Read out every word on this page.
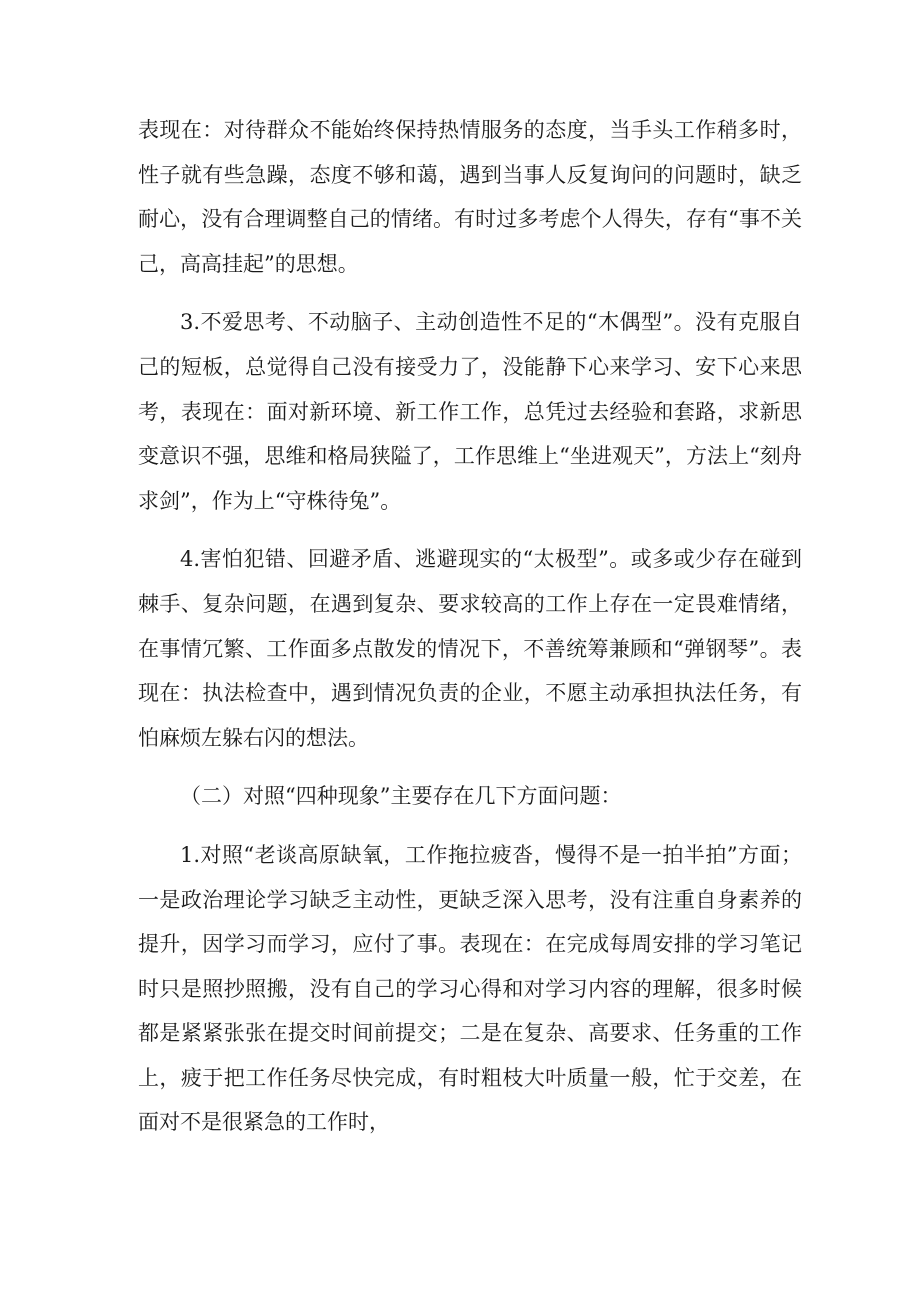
表现在：对待群众不能始终保持热情服务的态度，当手头工作稍多时，性子就有些急躁，态度不够和蔼，遇到当事人反复询问的问题时，缺乏耐心，没有合理调整自己的情绪。有时过多考虑个人得失，存有“事不关己，高高挂起”的思想。

3.不爱思考、不动脑子、主动创造性不足的“木偶型”。没有克服自己的短板，总觉得自己没有接受力了，没能静下心来学习、安下心来思考，表现在：面对新环境、新工作工作，总凭过去经验和套路，求新思变意识不强，思维和格局狭隘了，工作思维上“坐进观天”，方法上“刻舟求剑”，作为上“守株待兔”。

4.害怕犯错、回避矛盾、逃避现实的“太极型”。或多或少存在碰到棘手、复杂问题，在遇到复杂、要求较高的工作上存在一定畏难情绪，在事情冗繁、工作面多点散发的情况下，不善统筹兼顾和“弹钢琴”。表现在：执法检查中，遇到情况负责的企业，不愿主动承担执法任务，有怕麻烦左躲右闪的想法。

（二）对照“四种现象”主要存在几下方面问题：

1.对照“老谈高原缺氧，工作拖拉疲沓，慢得不是一拍半拍”方面；一是政治理论学习缺乏主动性，更缺乏深入思考，没有注重自身素养的提升，因学习而学习，应付了事。表现在：在完成每周安排的学习笔记时只是照抄照搬，没有自己的学习心得和对学习内容的理解，很多时候都是紧紧张张在提交时间前提交；二是在复杂、高要求、任务重的工作上，疲于把工作任务尽快完成，有时粗枝大叶质量一般，忙于交差，在面对不是很紧急的工作时，
